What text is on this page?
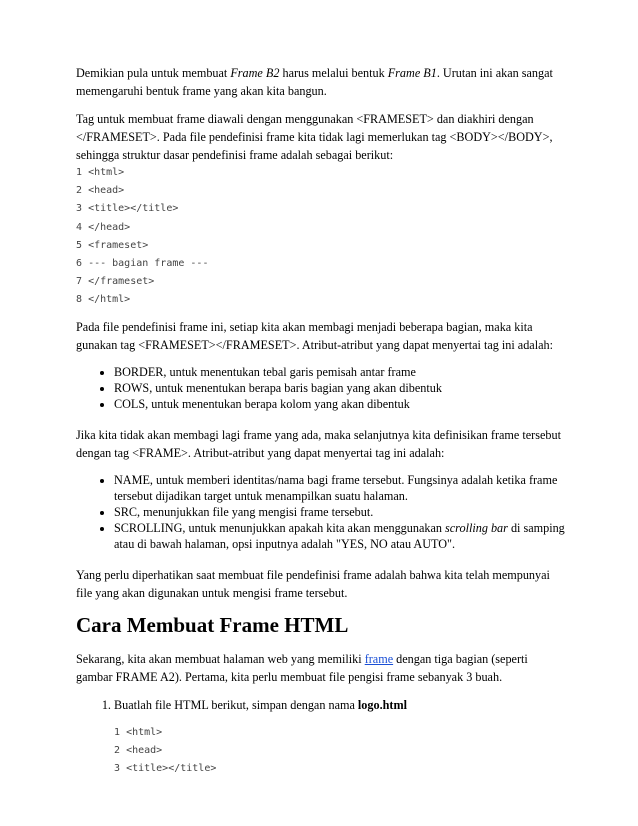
Demikian pula untuk membuat Frame B2 harus melalui bentuk Frame B1. Urutan ini akan sangat memengaruhi bentuk frame yang akan kita bangun.

Tag untuk membuat frame diawali dengan menggunakan <FRAMESET> dan diakhiri dengan </FRAMESET>. Pada file pendefinisi frame kita tidak lagi memerlukan tag <BODY></BODY>, sehingga struktur dasar pendefinisi frame adalah sebagai berikut:

1 <html>

2 <head>

3 <title></title>

4 </head>

5 <frameset>

6 --- bagian frame ---

7 </frameset>

8 </html>

Pada file pendefinisi frame ini, setiap kita akan membagi menjadi beberapa bagian, maka kita gunakan tag <FRAMESET></FRAMESET>. Atribut-atribut yang dapat menyertai tag ini adalah:

• BORDER, untuk menentukan tebal garis pemisah antar frame
• ROWS, untuk menentukan berapa baris bagian yang akan dibentuk
• COLS, untuk menentukan berapa kolom yang akan dibentuk

Jika kita tidak akan membagi lagi frame yang ada, maka selanjutnya kita definisikan frame tersebut dengan tag <FRAME>. Atribut-atribut yang dapat menyertai tag ini adalah:

• NAME, untuk memberi identitas/nama bagi frame tersebut. Fungsinya adalah ketika frame tersebut dijadikan target untuk menampilkan suatu halaman.
• SRC, menunjukkan file yang mengisi frame tersebut.
• SCROLLING, untuk menunjukkan apakah kita akan menggunakan scrolling bar di samping atau di bawah halaman, opsi inputnya adalah "YES, NO atau AUTO".

Yang perlu diperhatikan saat membuat file pendefinisi frame adalah bahwa kita telah mempunyai file yang akan digunakan untuk mengisi frame tersebut.

Cara Membuat Frame HTML

Sekarang, kita akan membuat halaman web yang memiliki frame dengan tiga bagian (seperti gambar FRAME A2). Pertama, kita perlu membuat file pengisi frame sebanyak 3 buah.

1. Buatlah file HTML berikut, simpan dengan nama logo.html

1 <html>

2 <head>

3 <title></title>
